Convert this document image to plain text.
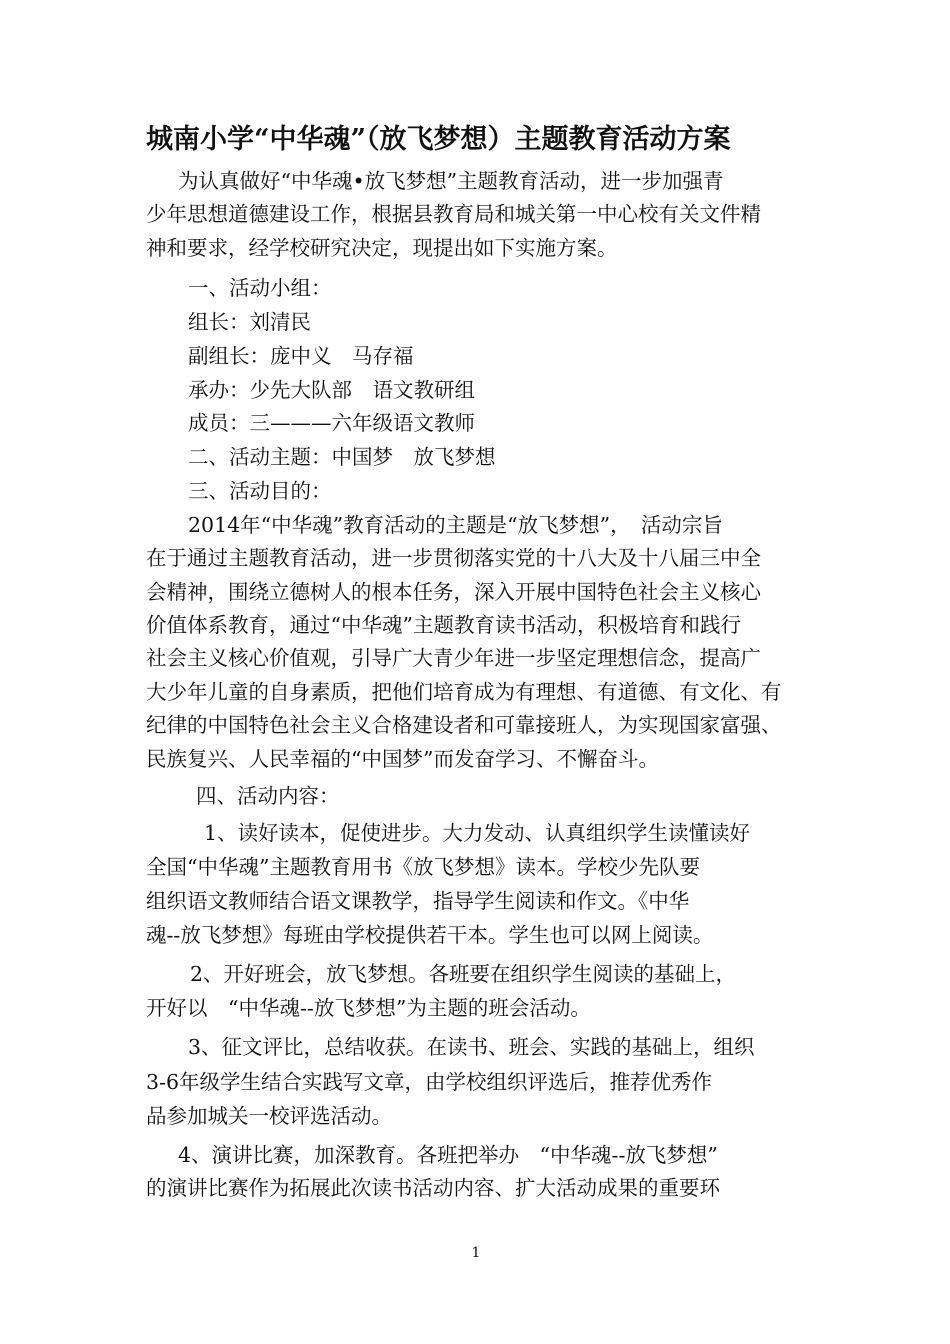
城南小学“中华魂”（放飞梦想）主题教育活动方案
为认真做好“中华魂•放飞梦想”主题教育活动，进一步加强青
少年思想道德建设工作，根据县教育局和城关第一中心校有关文件精
神和要求，经学校研究决定，现提出如下实施方案。
一、活动小组：
组长：刘清民
副组长：庞中义　马存福
承办：少先大队部　语文教研组
成员：三———六年级语文教师
二、活动主题：中国梦　放飞梦想
三、活动目的：
2014年“中华魂”教育活动的主题是“放飞梦想”，　活动宗旨
在于通过主题教育活动，进一步贯彻落实党的十八大及十八届三中全
会精神，围绕立德树人的根本任务，深入开展中国特色社会主义核心
价值体系教育，通过“中华魂”主题教育读书活动，积极培育和践行
社会主义核心价值观，引导广大青少年进一步坚定理想信念，提高广
大少年儿童的自身素质，把他们培育成为有理想、有道德、有文化、有
纪律的中国特色社会主义合格建设者和可靠接班人，为实现国家富强、
民族复兴、人民幸福的“中国梦”而发奋学习、不懈奋斗。
四、活动内容：
1、读好读本，促使进步。大力发动、认真组织学生读懂读好
全国“中华魂”主题教育用书《放飞梦想》读本。学校少先队要
组织语文教师结合语文课教学，指导学生阅读和作文。《中华
魂--放飞梦想》每班由学校提供若干本。学生也可以网上阅读。
2、开好班会，放飞梦想。各班要在组织学生阅读的基础上，
开好以　“中华魂--放飞梦想”为主题的班会活动。
3、征文评比，总结收获。在读书、班会、实践的基础上，组织
3-6年级学生结合实践写文章，由学校组织评选后，推荐优秀作
品参加城关一校评选活动。
4、演讲比赛，加深教育。各班把举办　“中华魂--放飞梦想”
的演讲比赛作为拓展此次读书活动内容、扩大活动成果的重要环
1
